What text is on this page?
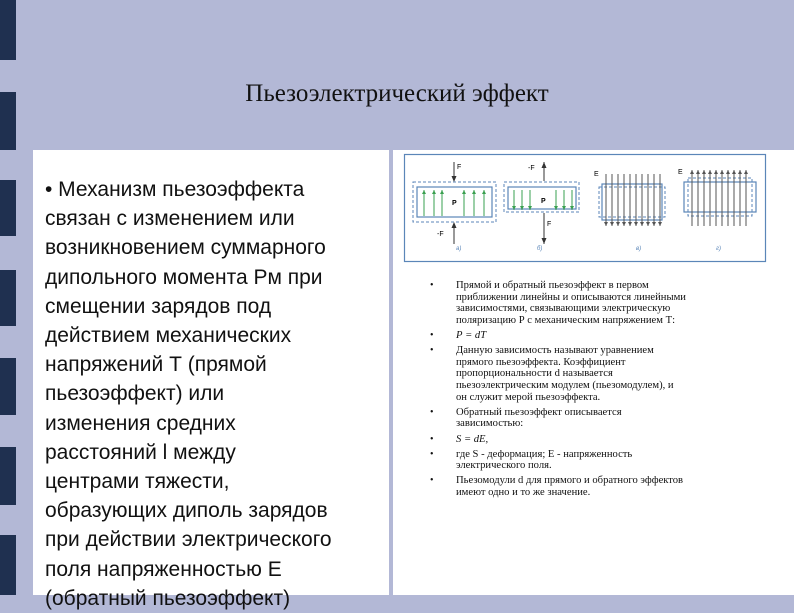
Пьезоэлектрический эффект
• Механизм пьезоэффекта
связан с изменением или
возникновением суммарного
дипольного момента Рм при
смещении зарядов под
действием механических
напряжений Т (прямой
пьезоэффект) или
изменения средних
расстояний l между
центрами тяжести,
образующих диполь зарядов
при действии электрического
поля напряженностью Е
(обратный пьезоэффект)
F
-F
P
а)
-F
F
P
б)
E
в)
E
г)
• Прямой и обратный пьезоэффект в первом
приближении линейны и описываются линейными
зависимостями, связывающими электрическую
поляризацию Р с механическим напряжением Т:
• Р = dT
• Данную зависимость называют уравнением
прямого пьезоэффекта. Коэффициент
пропорциональности d называется
пьезоэлектрическим модулем (пьезомодулем), и
он служит мерой пьезоэффекта.
• Обратный пьезоэффект описывается
зависимостью:
• S = dE,
• где S - деформация; Е - напряженность
электрического поля.
• Пьезомодули d для прямого и обратного эффектов
имеют одно и то же значение.
